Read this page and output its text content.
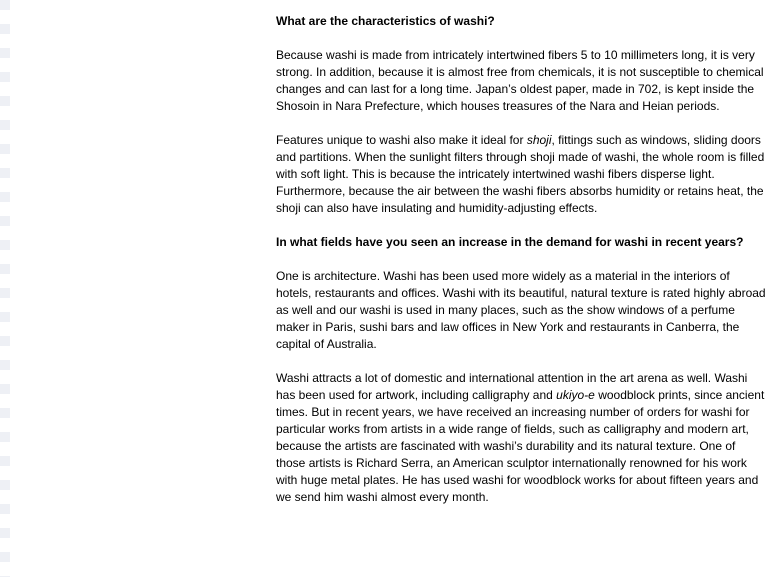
What are the characteristics of washi?

Because washi is made from intricately intertwined fibers 5 to 10 millimeters long, it is very strong. In addition, because it is almost free from chemicals, it is not susceptible to chemical changes and can last for a long time. Japan’s oldest paper, made in 702, is kept inside the Shosoin in Nara Prefecture, which houses treasures of the Nara and Heian periods.

Features unique to washi also make it ideal for shoji, fittings such as windows, sliding doors and partitions. When the sunlight filters through shoji made of washi, the whole room is filled with soft light. This is because the intricately intertwined washi fibers disperse light. Furthermore, because the air between the washi fibers absorbs humidity or retains heat, the shoji can also have insulating and humidity-adjusting effects.

In what fields have you seen an increase in the demand for washi in recent years?

One is architecture. Washi has been used more widely as a material in the interiors of hotels, restaurants and offices. Washi with its beautiful, natural texture is rated highly abroad as well and our washi is used in many places, such as the show windows of a perfume maker in Paris, sushi bars and law offices in New York and restaurants in Canberra, the capital of Australia.

Washi attracts a lot of domestic and international attention in the art arena as well. Washi has been used for artwork, including calligraphy and ukiyo-e woodblock prints, since ancient times. But in recent years, we have received an increasing number of orders for washi for particular works from artists in a wide range of fields, such as calligraphy and modern art, because the artists are fascinated with washi’s durability and its natural texture. One of those artists is Richard Serra, an American sculptor internationally renowned for his work with huge metal plates. He has used washi for woodblock works for about fifteen years and we send him washi almost every month.
